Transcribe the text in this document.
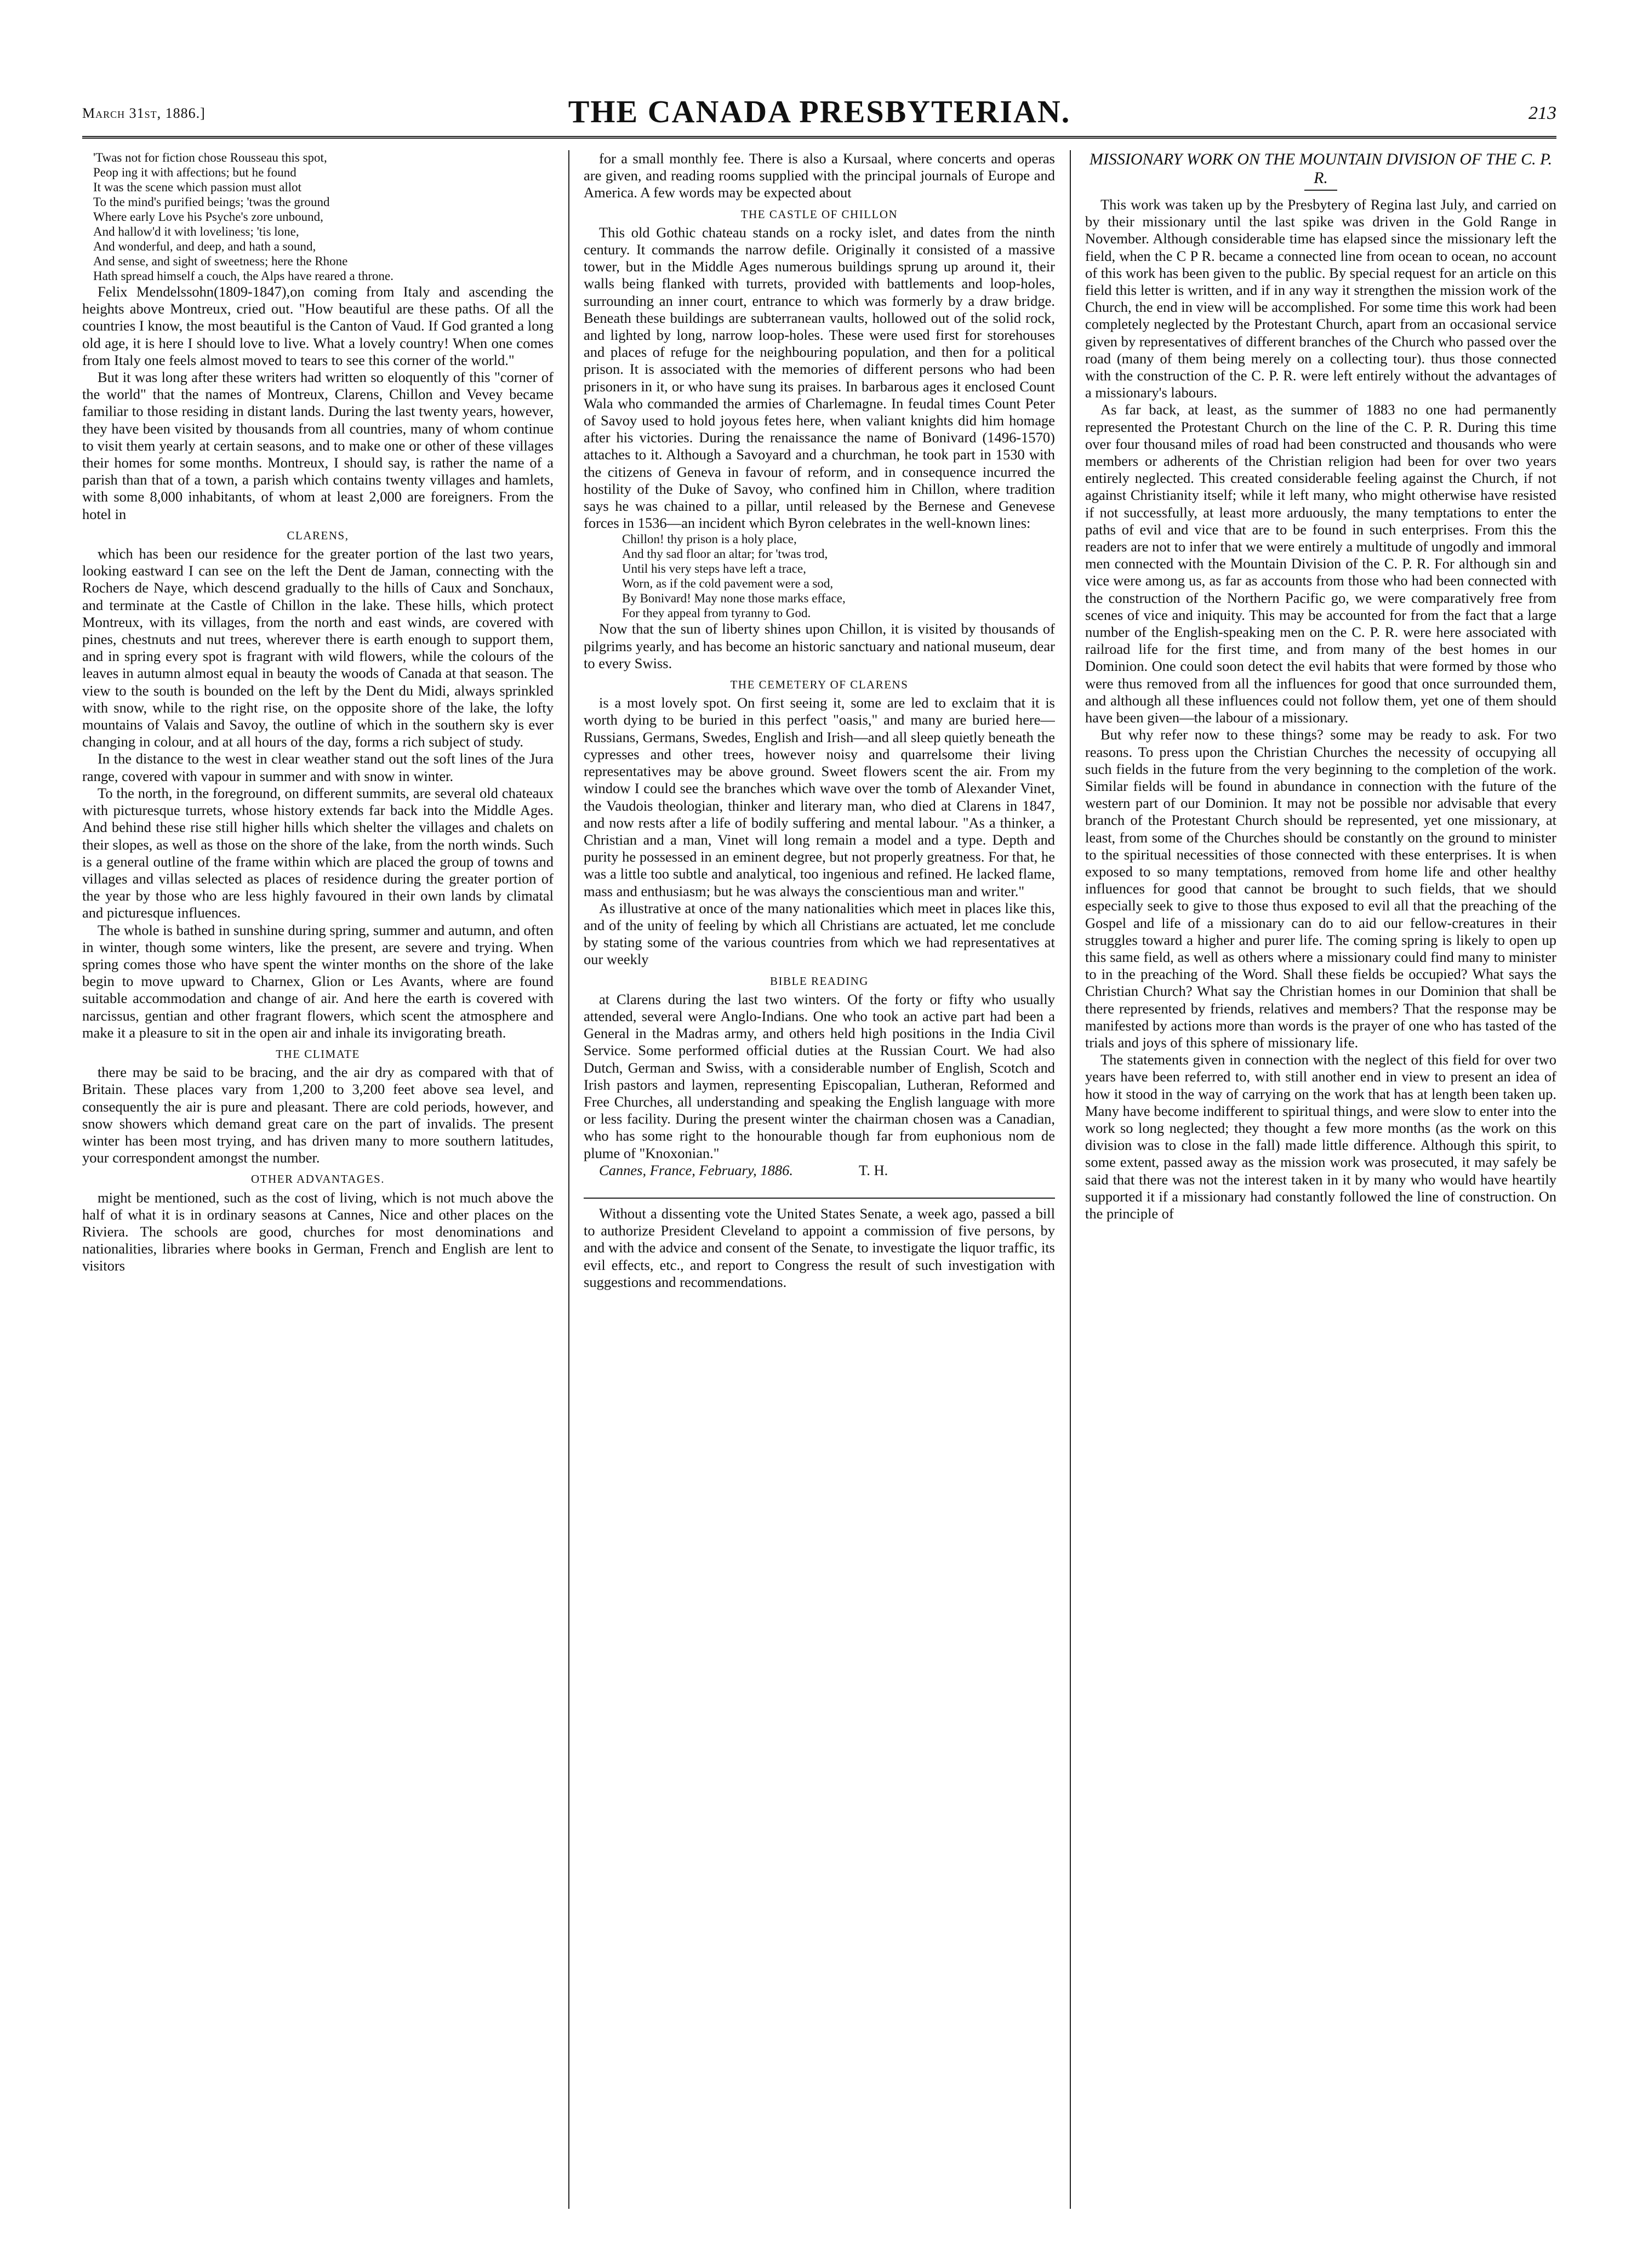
March 31st, 1886.]	THE CANADA PRESBYTERIAN.	213
'Twas not for fiction chose Rousseau this spot,
Peop ing it with affections; but he found
It was the scene which passion must allot
To the mind's purified beings; 'twas the ground
Where early Love his Psyche's zore unbound,
And hallow'd it with loveliness; 'tis lone,
And wonderful, and deep, and hath a sound,
And sense, and sight of sweetness; here the Rhone
Hath spread himself a couch, the Alps have reared a throne.

Felix Mendelssohn(1809-1847),on coming from Italy and ascending the heights above Montreux, cried out. "How beautiful are these paths. Of all the countries I know, the most beautiful is the Canton of Vaud. If God granted a long old age, it is here I should love to live. What a lovely country! When one comes from Italy one feels almost moved to tears to see this corner of the world."

But it was long after these writers had written so eloquently of this "corner of the world" that the names of Montreux, Clarens, Chillon and Vevey became familiar to those residing in distant lands. During the last twenty years, however, they have been visited by thousands from all countries, many of whom continue to visit them yearly at certain seasons, and to make one or other of these villages their homes for some months. Montreux, I should say, is rather the name of a parish than that of a town, a parish which contains twenty villages and hamlets, with some 8,000 inhabitants, of whom at least 2,000 are foreigners. From the hotel in

CLARENS,

which has been our residence for the greater portion of the last two years, looking eastward I can see on the left the Dent de Jaman, connecting with the Rochers de Naye, which descend gradually to the hills of Caux and Sonchaux, and terminate at the Castle of Chillon in the lake. These hills, which protect Montreux, with its villages, from the north and east winds, are covered with pines, chestnuts and nut trees, wherever there is earth enough to support them, and in spring every spot is fragrant with wild flowers, while the colours of the leaves in autumn almost equal in beauty the woods of Canada at that season. The view to the south is bounded on the left by the Dent du Midi, always sprinkled with snow, while to the right rise, on the opposite shore of the lake, the lofty mountains of Valais and Savoy, the outline of which in the southern sky is ever changing in colour, and at all hours of the day, forms a rich subject of study.

In the distance to the west in clear weather stand out the soft lines of the Jura range, covered with vapour in summer and with snow in winter.

To the north, in the foreground, on different summits, are several old chateaux with picturesque turrets, whose history extends far back into the Middle Ages. And behind these rise still higher hills which shelter the villages and chalets on their slopes, as well as those on the shore of the lake, from the north winds. Such is a general outline of the frame within which are placed the group of towns and villages and villas selected as places of residence during the greater portion of the year by those who are less highly favoured in their own lands by climatal and picturesque influences.

The whole is bathed in sunshine during spring, summer and autumn, and often in winter, though some winters, like the present, are severe and trying. When spring comes those who have spent the winter months on the shore of the lake begin to move upward to Charnex, Glion or Les Avants, where are found suitable accommodation and change of air. And here the earth is covered with narcissus, gentian and other fragrant flowers, which scent the atmosphere and make it a pleasure to sit in the open air and inhale its invigorating breath.

THE CLIMATE

there may be said to be bracing, and the air dry as compared with that of Britain. These places vary from 1,200 to 3,200 feet above sea level, and consequently the air is pure and pleasant. There are cold periods, however, and snow showers which demand great care on the part of invalids. The present winter has been most trying, and has driven many to more southern latitudes, your correspondent amongst the number.

OTHER ADVANTAGES.

might be mentioned, such as the cost of living, which is not much above the half of what it is in ordinary seasons at Cannes, Nice and other places on the Riviera. The schools are good, churches for most denominations and nationalities, libraries where books in German, French and English are lent to visitors

for a small monthly fee. There is also a Kursaal, where concerts and operas are given, and reading rooms supplied with the principal journals of Europe and America. A few words may be expected about

THE CASTLE OF CHILLON

This old Gothic chateau stands on a rocky islet, and dates from the ninth century. It commands the narrow defile. Originally it consisted of a massive tower, but in the Middle Ages numerous buildings sprung up around it, their walls being flanked with turrets, provided with battlements and loop-holes, surrounding an inner court, entrance to which was formerly by a draw bridge. Beneath these buildings are subterranean vaults, hollowed out of the solid rock, and lighted by long, narrow loop-holes. These were used first for storehouses and places of refuge for the neighbouring population, and then for a political prison. It is associated with the memories of different persons who had been prisoners in it, or who have sung its praises. In barbarous ages it enclosed Count Wala who commanded the armies of Charlemagne. In feudal times Count Peter of Savoy used to hold joyous fetes here, when valiant knights did him homage after his victories. During the renaissance the name of Bonivard (1496-1570) attaches to it. Although a Savoyard and a churchman, he took part in 1530 with the citizens of Geneva in favour of reform, and in consequence incurred the hostility of the Duke of Savoy, who confined him in Chillon, where tradition says he was chained to a pillar, until released by the Bernese and Genevese forces in 1536—an incident which Byron celebrates in the well-known lines:

Chillon! thy prison is a holy place,
And thy sad floor an altar; for 'twas trod,
Until his very steps have left a trace,
Worn, as if the cold pavement were a sod,
By Bonivard! May none those marks efface,
For they appeal from tyranny to God.

Now that the sun of liberty shines upon Chillon, it is visited by thousands of pilgrims yearly, and has become an historic sanctuary and national museum, dear to every Swiss.

THE CEMETERY OF CLARENS

is a most lovely spot. On first seeing it, some are led to exclaim that it is worth dying to be buried in this perfect "oasis," and many are buried here—Russians, Germans, Swedes, English and Irish—and all sleep quietly beneath the cypresses and other trees, however noisy and quarrelsome their living representatives may be above ground. Sweet flowers scent the air. From my window I could see the branches which wave over the tomb of Alexander Vinet, the Vaudois theologian, thinker and literary man, who died at Clarens in 1847, and now rests after a life of bodily suffering and mental labour. "As a thinker, a Christian and a man, Vinet will long remain a model and a type. Depth and purity he possessed in an eminent degree, but not properly greatness. For that, he was a little too subtle and analytical, too ingenious and refined. He lacked flame, mass and enthusiasm; but he was always the conscientious man and writer."

As illustrative at once of the many nationalities which meet in places like this, and of the unity of feeling by which all Christians are actuated, let me conclude by stating some of the various countries from which we had representatives at our weekly

BIBLE READING

at Clarens during the last two winters. Of the forty or fifty who usually attended, several were Anglo-Indians. One who took an active part had been a General in the Madras army, and others held high positions in the India Civil Service. Some performed official duties at the Russian Court. We had also Dutch, German and Swiss, with a considerable number of English, Scotch and Irish pastors and laymen, representing Episcopalian, Lutheran, Reformed and Free Churches, all understanding and speaking the English language with more or less facility. During the present winter the chairman chosen was a Canadian, who has some right to the honourable though far from euphonious nom de plume of "Knoxonian."

Cannes, France, February, 1886.	T. H.

Without a dissenting vote the United States Senate, a week ago, passed a bill to authorize President Cleveland to appoint a commission of five persons, by and with the advice and consent of the Senate, to investigate the liquor traffic, its evil effects, etc., and report to Congress the result of such investigation with suggestions and recommendations.

MISSIONARY WORK ON THE MOUNTAIN DIVISION OF THE C. P. R.

This work was taken up by the Presbytery of Regina last July, and carried on by their missionary until the last spike was driven in the Gold Range in November. Although considerable time has elapsed since the missionary left the field, when the C P R. became a connected line from ocean to ocean, no account of this work has been given to the public. By special request for an article on this field this letter is written, and if in any way it strengthen the mission work of the Church, the end in view will be accomplished. For some time this work had been completely neglected by the Protestant Church, apart from an occasional service given by representatives of different branches of the Church who passed over the road (many of them being merely on a collecting tour). thus those connected with the construction of the C. P. R. were left entirely without the advantages of a missionary's labours.

As far back, at least, as the summer of 1883 no one had permanently represented the Protestant Church on the line of the C. P. R. During this time over four thousand miles of road had been constructed and thousands who were members or adherents of the Christian religion had been for over two years entirely neglected. This created considerable feeling against the Church, if not against Christianity itself; while it left many, who might otherwise have resisted if not successfully, at least more arduously, the many temptations to enter the paths of evil and vice that are to be found in such enterprises. From this the readers are not to infer that we were entirely a multitude of ungodly and immoral men connected with the Mountain Division of the C. P. R. For although sin and vice were among us, as far as accounts from those who had been connected with the construction of the Northern Pacific go, we were comparatively free from scenes of vice and iniquity. This may be accounted for from the fact that a large number of the English-speaking men on the C. P. R. were here associated with railroad life for the first time, and from many of the best homes in our Dominion. One could soon detect the evil habits that were formed by those who were thus removed from all the influences for good that once surrounded them, and although all these influences could not follow them, yet one of them should have been given—the labour of a missionary.

But why refer now to these things? some may be ready to ask. For two reasons. To press upon the Christian Churches the necessity of occupying all such fields in the future from the very beginning to the completion of the work. Similar fields will be found in abundance in connection with the future of the western part of our Dominion. It may not be possible nor advisable that every branch of the Protestant Church should be represented, yet one missionary, at least, from some of the Churches should be constantly on the ground to minister to the spiritual necessities of those connected with these enterprises. It is when exposed to so many temptations, removed from home life and other healthy influences for good that cannot be brought to such fields, that we should especially seek to give to those thus exposed to evil all that the preaching of the Gospel and life of a missionary can do to aid our fellow-creatures in their struggles toward a higher and purer life. The coming spring is likely to open up this same field, as well as others where a missionary could find many to minister to in the preaching of the Word. Shall these fields be occupied? What says the Christian Church? What say the Christian homes in our Dominion that shall be there represented by friends, relatives and members? That the response may be manifested by actions more than words is the prayer of one who has tasted of the trials and joys of this sphere of missionary life.

The statements given in connection with the neglect of this field for over two years have been referred to, with still another end in view to present an idea of how it stood in the way of carrying on the work that has at length been taken up. Many have become indifferent to spiritual things, and were slow to enter into the work so long neglected; they thought a few more months (as the work on this division was to close in the fall) made little difference. Although this spirit, to some extent, passed away as the mission work was prosecuted, it may safely be said that there was not the interest taken in it by many who would have heartily supported it if a missionary had constantly followed the line of construction. On the principle of
